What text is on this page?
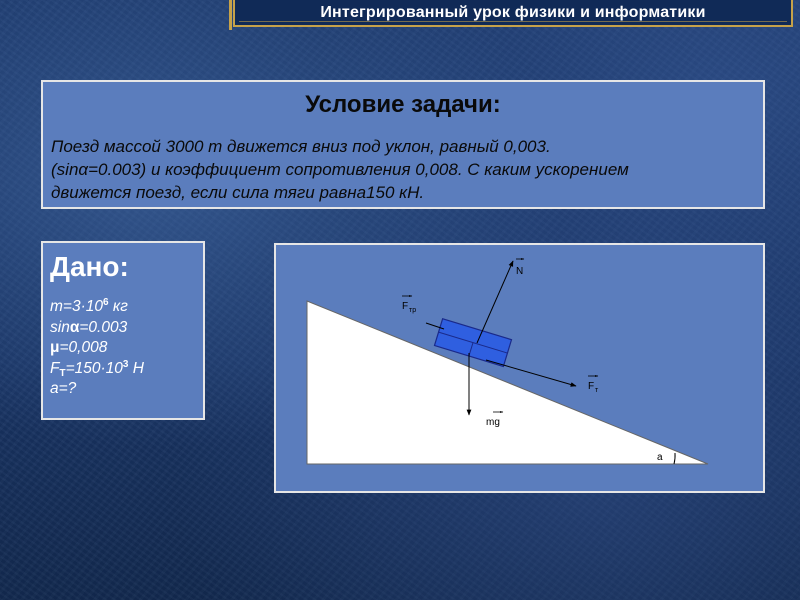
Интегрированный урок физики и информатики
Условие задачи:
Поезд массой 3000 т движется вниз под уклон, равный 0,003.
(sinα=0.003) и коэффициент сопротивления 0,008. С каким ускорением
движется поезд, если сила тяги равна150 кН.
Дано:
$m=3\cdot 10^6$ кг
sinα=0.003
μ=0,008
$F_T=150\cdot 10^3$ Н
a=?
a
N
F тр
F т
mg
